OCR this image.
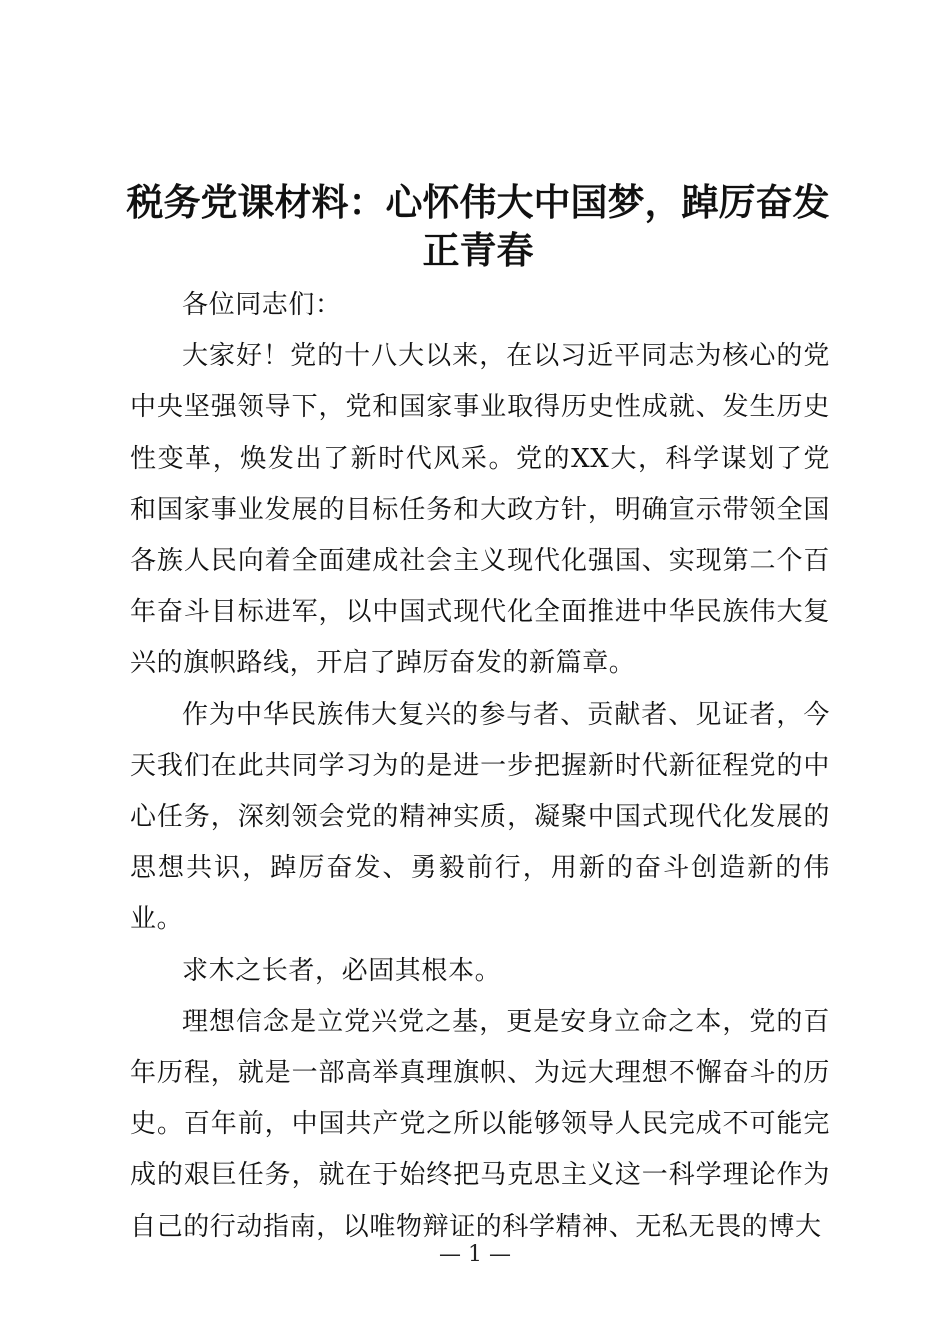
税务党课材料：心怀伟大中国梦，踔厉奋发正青春

各位同志们：

大家好！党的十八大以来，在以习近平同志为核心的党中央坚强领导下，党和国家事业取得历史性成就、发生历史性变革，焕发出了新时代风采。党的XX大，科学谋划了党和国家事业发展的目标任务和大政方针，明确宣示带领全国各族人民向着全面建成社会主义现代化强国、实现第二个百年奋斗目标进军，以中国式现代化全面推进中华民族伟大复兴的旗帜路线，开启了踔厉奋发的新篇章。

作为中华民族伟大复兴的参与者、贡献者、见证者，今天我们在此共同学习为的是进一步把握新时代新征程党的中心任务，深刻领会党的精神实质，凝聚中国式现代化发展的思想共识，踔厉奋发、勇毅前行，用新的奋斗创造新的伟业。

求木之长者，必固其根本。

理想信念是立党兴党之基，更是安身立命之本，党的百年历程，就是一部高举真理旗帜、为远大理想不懈奋斗的历史。百年前，中国共产党之所以能够领导人民完成不可能完成的艰巨任务，就在于始终把马克思主义这一科学理论作为自己的行动指南，以唯物辩证的科学精神、无私无畏的博大

— 1 —
